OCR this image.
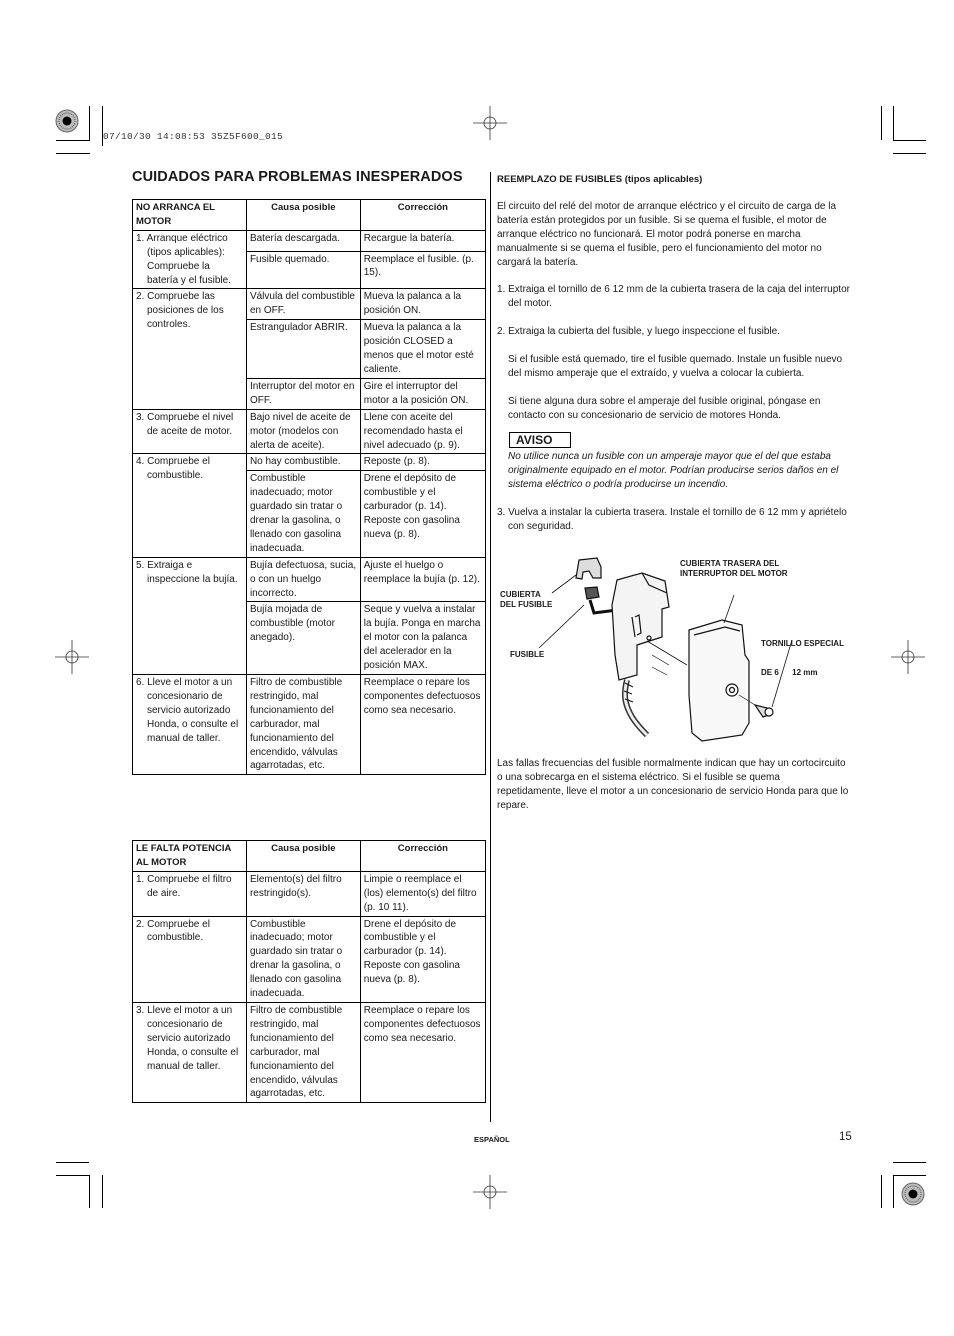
07/10/30 14:08:53 35Z5F600_015
CUIDADOS PARA PROBLEMAS INESPERADOS
NO ARRANCA EL MOTOR	Causa posible	Corrección

1. Arranque eléctrico (tipos aplicables): Compruebe la batería y el fusible.	Batería descargada.	Recargue la batería.
	Fusible quemado.	Reemplace el fusible. (p. 15).

2. Compruebe las posiciones de los controles.	Válvula del combustible en OFF.	Mueva la palanca a la posición ON.
	Estrangulador ABRIR.	Mueva la palanca a la posición CLOSED a menos que el motor esté caliente.
	Interruptor del motor en OFF.	Gire el interruptor del motor a la posición ON.

3. Compruebe el nivel de aceite de motor.	Bajo nivel de aceite de motor (modelos con alerta de aceite).	Llene con aceite del recomendado hasta el nivel adecuado (p. 9).

4. Compruebe el combustible.	No hay combustible.	Reposte (p. 8).
	Combustible inadecuado; motor guardado sin tratar o drenar la gasolina, o llenado con gasolina inadecuada.	Drene el depósito de combustible y el carburador (p. 14). Reposte con gasolina nueva (p. 8).

5. Extraiga e inspeccione la bujía.	Bujía defectuosa, sucia, o con un huelgo incorrecto.	Ajuste el huelgo o reemplace la bujía (p. 12).
	Bujía mojada de combustible (motor anegado).	Seque y vuelva a instalar la bujía. Ponga en marcha el motor con la palanca del acelerador en la posición MAX.

6. Lleve el motor a un concesionario de servicio autorizado Honda, o consulte el manual de taller.	Filtro de combustible restringido, mal funcionamiento del carburador, mal funcionamiento del encendido, válvulas agarrotadas, etc.	Reemplace o repare los componentes defectuosos como sea necesario.
LE FALTA POTENCIA AL MOTOR	Causa posible	Corrección

1. Compruebe el filtro de aire.	Elemento(s) del filtro restringido(s).	Limpie o reemplace el (los) elemento(s) del filtro (p. 10 11).

2. Compruebe el combustible.	Combustible inadecuado; motor guardado sin tratar o drenar la gasolina, o llenado con gasolina inadecuada.	Drene el depósito de combustible y el carburador (p. 14). Reposte con gasolina nueva (p. 8).

3. Lleve el motor a un concesionario de servicio autorizado Honda, o consulte el manual de taller.	Filtro de combustible restringido, mal funcionamiento del carburador, mal funcionamiento del encendido, válvulas agarrotadas, etc.	Reemplace o repare los componentes defectuosos como sea necesario.
REEMPLAZO DE FUSIBLES (tipos aplicables)
El circuito del relé del motor de arranque eléctrico y el circuito de carga de la batería están protegidos por un fusible. Si se quema el fusible, el motor de arranque eléctrico no funcionará. El motor podrá ponerse en marcha manualmente si se quema el fusible, pero el funcionamiento del motor no cargará la batería.
1. Extraiga el tornillo de 6 12 mm de la cubierta trasera de la caja del interruptor del motor.
2. Extraiga la cubierta del fusible, y luego inspeccione el fusible.
Si el fusible está quemado, tire el fusible quemado. Instale un fusible nuevo del mismo amperaje que el extraído, y vuelva a colocar la cubierta.
Si tiene alguna dura sobre el amperaje del fusible original, póngase en contacto con su concesionario de servicio de motores Honda.
AVISO
No utilice nunca un fusible con un amperaje mayor que el del que estaba originalmente equipado en el motor. Podrían producirse serios daños en el sistema eléctrico o podría producirse un incendio.
3. Vuelva a instalar la cubierta trasera. Instale el tornillo de 6 12 mm y apriételo con seguridad.
CUBIERTA TRASERA DEL
INTERRUPTOR DEL MOTOR
CUBIERTA
DEL FUSIBLE
FUSIBLE

TORNILLO ESPECIAL

DE 6      12 mm

Las fallas frecuencias del fusible normalmente indican que hay un cortocircuito o una sobrecarga en el sistema eléctrico. Si el fusible se quema repetidamente, lleve el motor a un concesionario de servicio Honda para que lo repare.
ESPAÑOL	15
